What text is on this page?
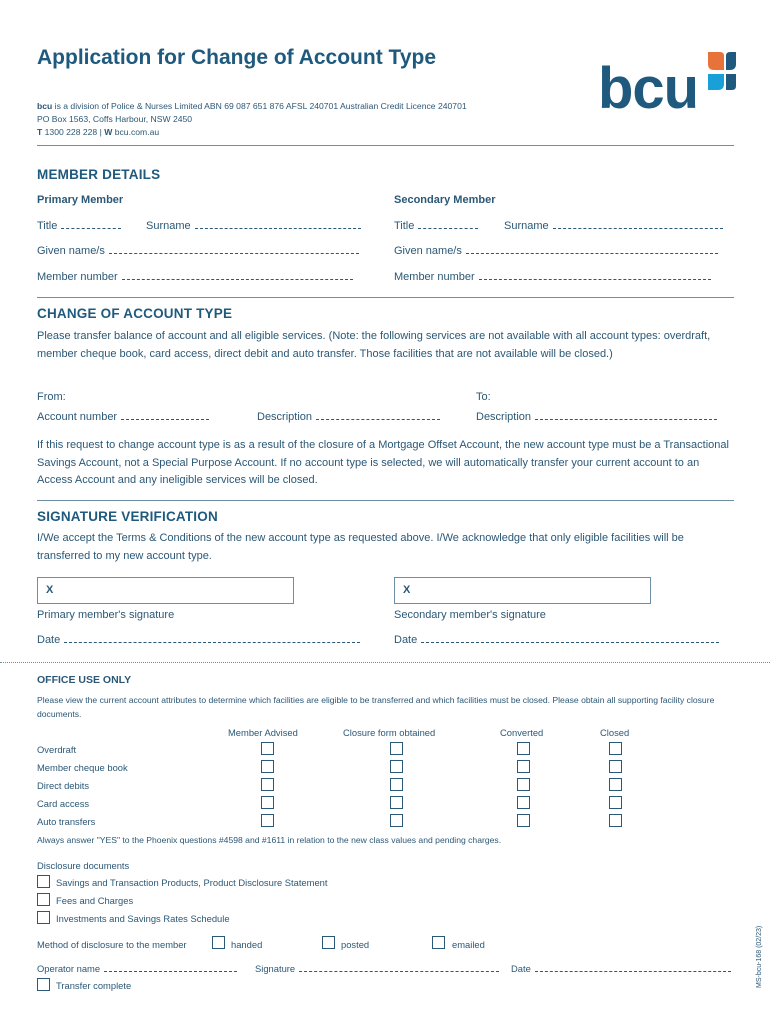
Application for Change of Account Type	bcu
bcu is a division of Police & Nurses Limited ABN 69 087 651 876 AFSL 240701 Australian Credit Licence 240701
PO Box 1563, Coffs Harbour, NSW 2450
T 1300 228 228 | W bcu.com.au
MEMBER DETAILS
Primary Member	Secondary Member
Title	Surname	Title	Surname
Given name/s	Given name/s
Member number	Member number
CHANGE OF ACCOUNT TYPE
Please transfer balance of account and all eligible services. (Note: the following services are not available with all account types: overdraft, member cheque book, card access, direct debit and auto transfer. Those facilities that are not available will be closed.)
From:	To:
Account number	Description	Description
If this request to change account type is as a result of the closure of a Mortgage Offset Account, the new account type must be a Transactional Savings Account, not a Special Purpose Account. If no account type is selected, we will automatically transfer your current account to an Access Account and any ineligible services will be closed.
SIGNATURE VERIFICATION
I/We accept the Terms & Conditions of the new account type as requested above. I/We acknowledge that only eligible facilities will be transferred to my new account type.
X	X
Primary member's signature	Secondary member's signature
Date	Date
OFFICE USE ONLY
Please view the current account attributes to determine which facilities are eligible to be transferred and which facilities must be closed. Please obtain all supporting facility closure documents.
Member Advised	Closure form obtained	Converted	Closed
Overdraft
Member cheque book
Direct debits
Card access
Auto transfers
Always answer "YES" to the Phoenix questions #4598 and #1611 in relation to the new class values and pending charges.
Disclosure documents
Savings and Transaction Products, Product Disclosure Statement
Fees and Charges
Investments and Savings Rates Schedule
Method of disclosure to the member	handed	posted	emailed
Operator name	Signature	Date
Transfer complete	MS-bcu-168 (02/23)
